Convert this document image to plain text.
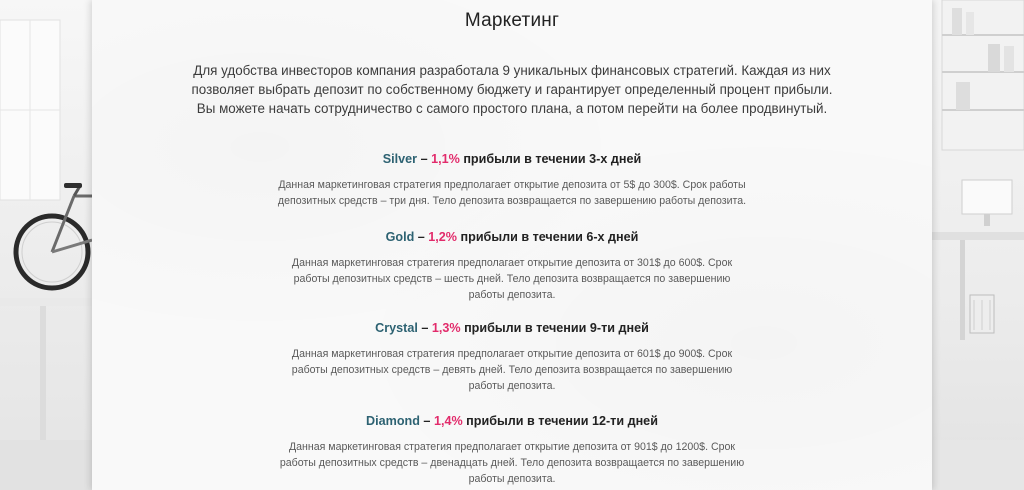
Маркетинг
Для удобства инвесторов компания разработала 9 уникальных финансовых стратегий. Каждая из них позволяет выбрать депозит по собственному бюджету и гарантирует определенный процент прибыли. Вы можете начать сотрудничество с самого простого плана, а потом перейти на более продвинутый.
Silver – 1,1% прибыли в течении 3-х дней
Данная маркетинговая стратегия предполагает открытие депозита от 5$ до 300$. Срок работы депозитных средств – три дня. Тело депозита возвращается по завершению работы депозита.
Gold – 1,2% прибыли в течении 6-х дней
Данная маркетинговая стратегия предполагает открытие депозита от 301$ до 600$. Срок работы депозитных средств – шесть дней. Тело депозита возвращается по завершению работы депозита.
Crystal – 1,3% прибыли в течении 9-ти дней
Данная маркетинговая стратегия предполагает открытие депозита от 601$ до 900$. Срок работы депозитных средств – девять дней. Тело депозита возвращается по завершению работы депозита.
Diamond – 1,4% прибыли в течении 12-ти дней
Данная маркетинговая стратегия предполагает открытие депозита от 901$ до 1200$. Срок работы депозитных средств – двенадцать дней. Тело депозита возвращается по завершению работы депозита.
